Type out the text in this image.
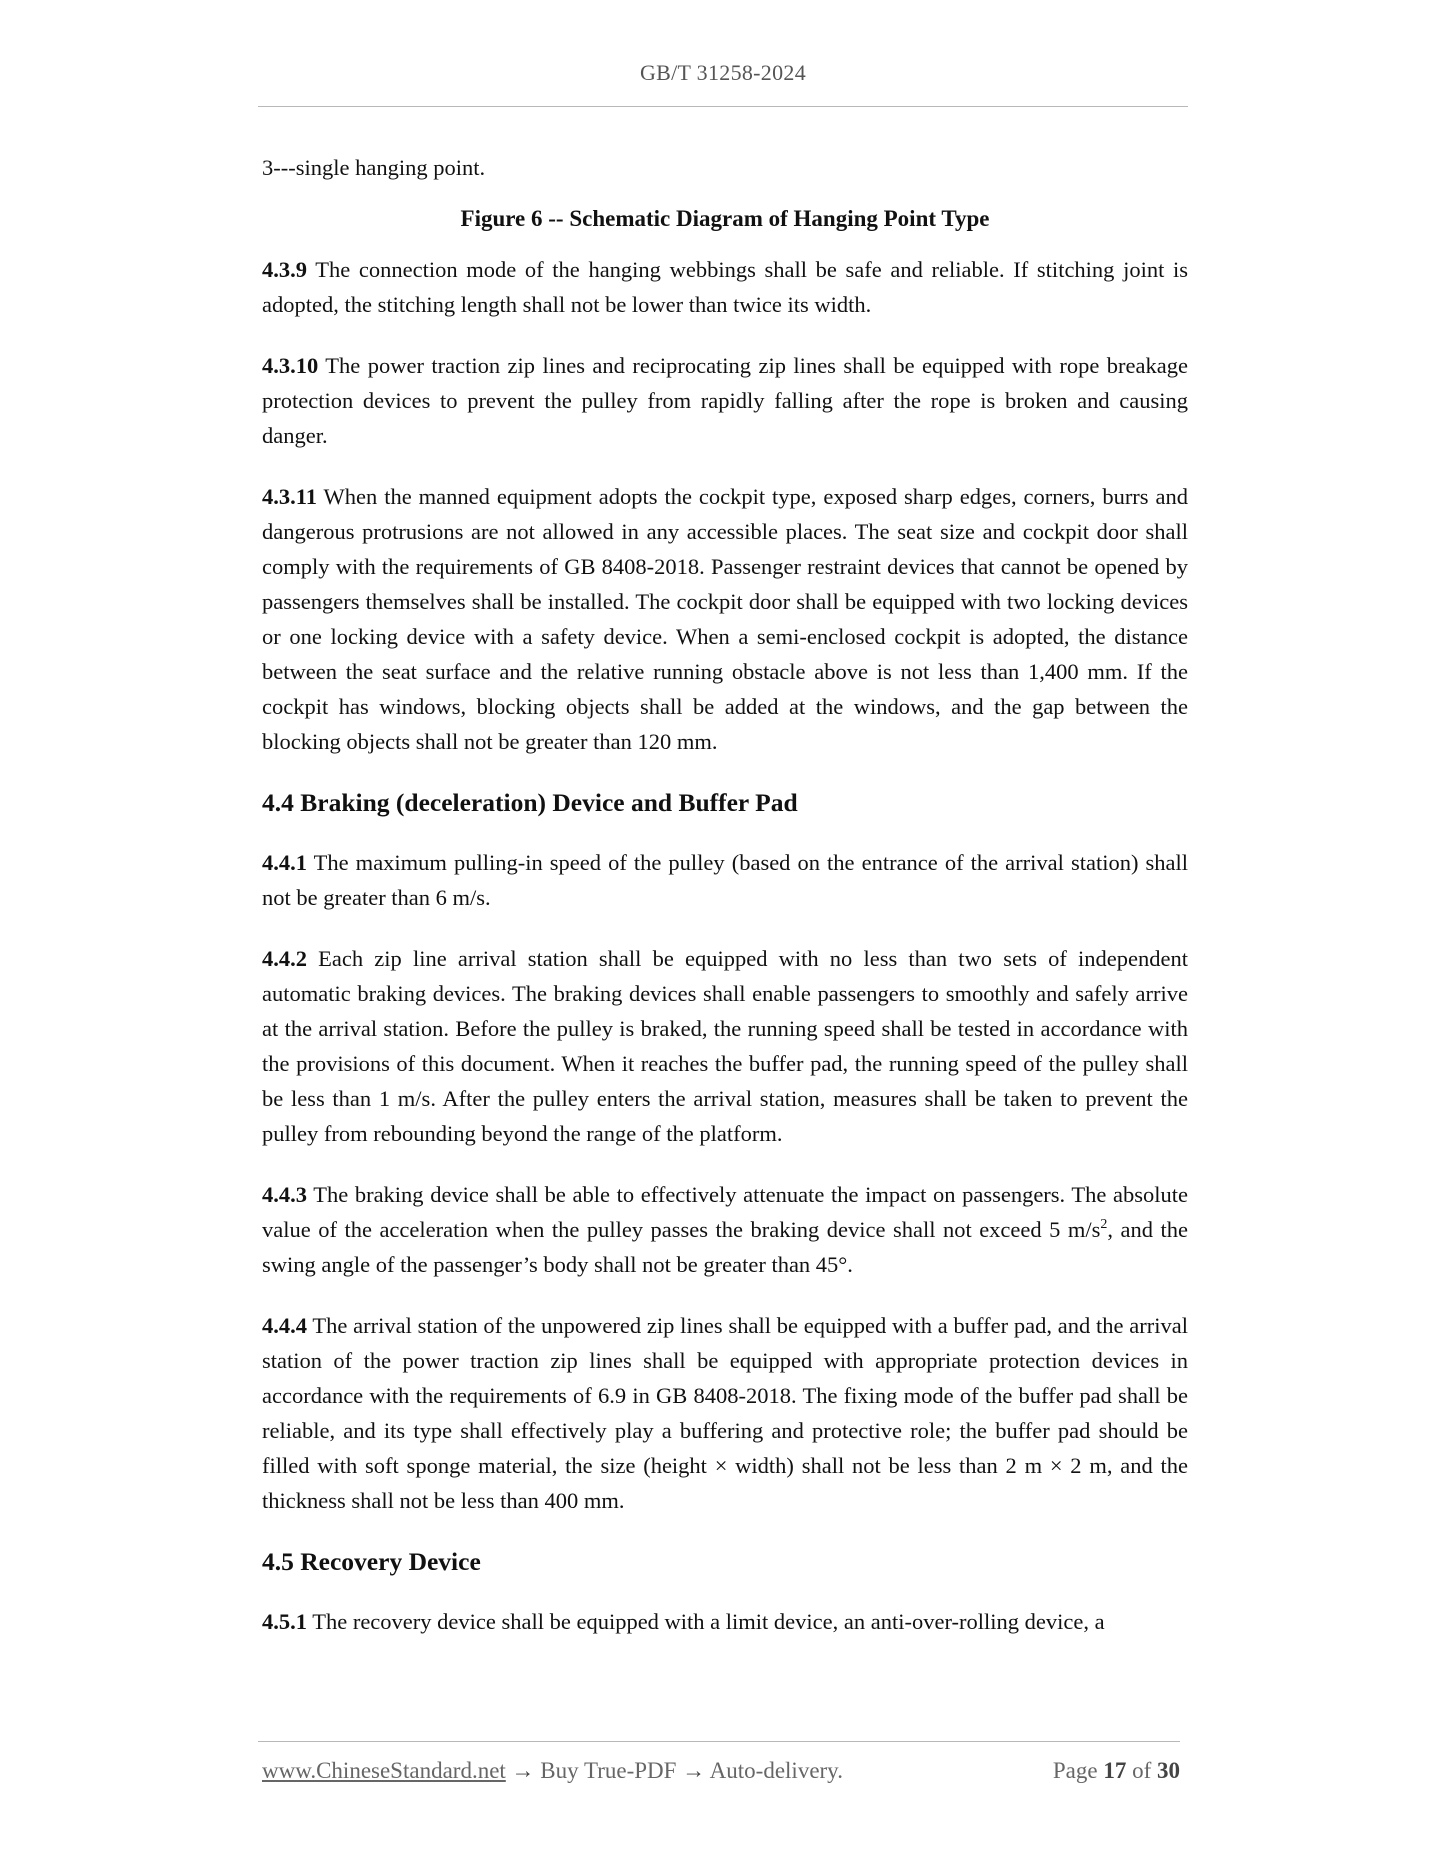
GB/T 31258-2024

3---single hanging point.

Figure 6 -- Schematic Diagram of Hanging Point Type

4.3.9 The connection mode of the hanging webbings shall be safe and reliable. If stitching joint is adopted, the stitching length shall not be lower than twice its width.

4.3.10 The power traction zip lines and reciprocating zip lines shall be equipped with rope breakage protection devices to prevent the pulley from rapidly falling after the rope is broken and causing danger.

4.3.11 When the manned equipment adopts the cockpit type, exposed sharp edges, corners, burrs and dangerous protrusions are not allowed in any accessible places. The seat size and cockpit door shall comply with the requirements of GB 8408-2018. Passenger restraint devices that cannot be opened by passengers themselves shall be installed. The cockpit door shall be equipped with two locking devices or one locking device with a safety device. When a semi-enclosed cockpit is adopted, the distance between the seat surface and the relative running obstacle above is not less than 1,400 mm. If the cockpit has windows, blocking objects shall be added at the windows, and the gap between the blocking objects shall not be greater than 120 mm.

4.4 Braking (deceleration) Device and Buffer Pad

4.4.1 The maximum pulling-in speed of the pulley (based on the entrance of the arrival station) shall not be greater than 6 m/s.

4.4.2 Each zip line arrival station shall be equipped with no less than two sets of independent automatic braking devices. The braking devices shall enable passengers to smoothly and safely arrive at the arrival station. Before the pulley is braked, the running speed shall be tested in accordance with the provisions of this document. When it reaches the buffer pad, the running speed of the pulley shall be less than 1 m/s. After the pulley enters the arrival station, measures shall be taken to prevent the pulley from rebounding beyond the range of the platform.

4.4.3 The braking device shall be able to effectively attenuate the impact on passengers. The absolute value of the acceleration when the pulley passes the braking device shall not exceed 5 $m/s^2$, and the swing angle of the passenger’s body shall not be greater than 45°.

4.4.4 The arrival station of the unpowered zip lines shall be equipped with a buffer pad, and the arrival station of the power traction zip lines shall be equipped with appropriate protection devices in accordance with the requirements of 6.9 in GB 8408-2018. The fixing mode of the buffer pad shall be reliable, and its type shall effectively play a buffering and protective role; the buffer pad should be filled with soft sponge material, the size (height × width) shall not be less than 2 m × 2 m, and the thickness shall not be less than 400 mm.

4.5 Recovery Device

4.5.1 The recovery device shall be equipped with a limit device, an anti-over-rolling device, a

www.ChineseStandard.net → Buy True-PDF → Auto-delivery.	Page 17 of 30
